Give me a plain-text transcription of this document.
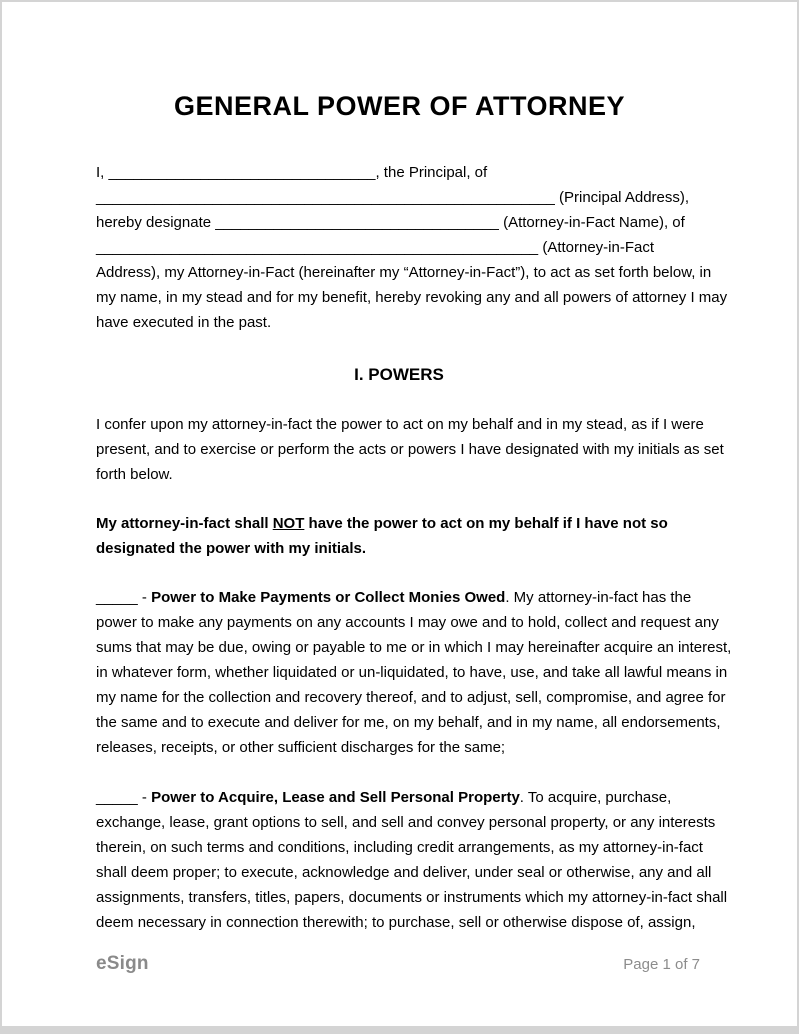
GENERAL POWER OF ATTORNEY
I, ________________________________, the Principal, of
_______________________________________________________ (Principal Address),
hereby designate __________________________________ (Attorney-in-Fact Name), of
_____________________________________________________ (Attorney-in-Fact
Address), my Attorney-in-Fact (hereinafter my “Attorney-in-Fact”), to act as set forth below, in
my name, in my stead and for my benefit, hereby revoking any and all powers of attorney I may
have executed in the past.
I. POWERS
I confer upon my attorney-in-fact the power to act on my behalf and in my stead, as if I were
present, and to exercise or perform the acts or powers I have designated with my initials as set
forth below.
My attorney-in-fact shall NOT have the power to act on my behalf if I have not so
designated the power with my initials.
_____ - Power to Make Payments or Collect Monies Owed. My attorney-in-fact has the
power to make any payments on any accounts I may owe and to hold, collect and request any
sums that may be due, owing or payable to me or in which I may hereinafter acquire an interest,
in whatever form, whether liquidated or un-liquidated, to have, use, and take all lawful means in
my name for the collection and recovery thereof, and to adjust, sell, compromise, and agree for
the same and to execute and deliver for me, on my behalf, and in my name, all endorsements,
releases, receipts, or other sufficient discharges for the same;
_____ - Power to Acquire, Lease and Sell Personal Property. To acquire, purchase,
exchange, lease, grant options to sell, and sell and convey personal property, or any interests
therein, on such terms and conditions, including credit arrangements, as my attorney-in-fact
shall deem proper; to execute, acknowledge and deliver, under seal or otherwise, any and all
assignments, transfers, titles, papers, documents or instruments which my attorney-in-fact shall
deem necessary in connection therewith; to purchase, sell or otherwise dispose of, assign,
eSign	Page 1 of 7
